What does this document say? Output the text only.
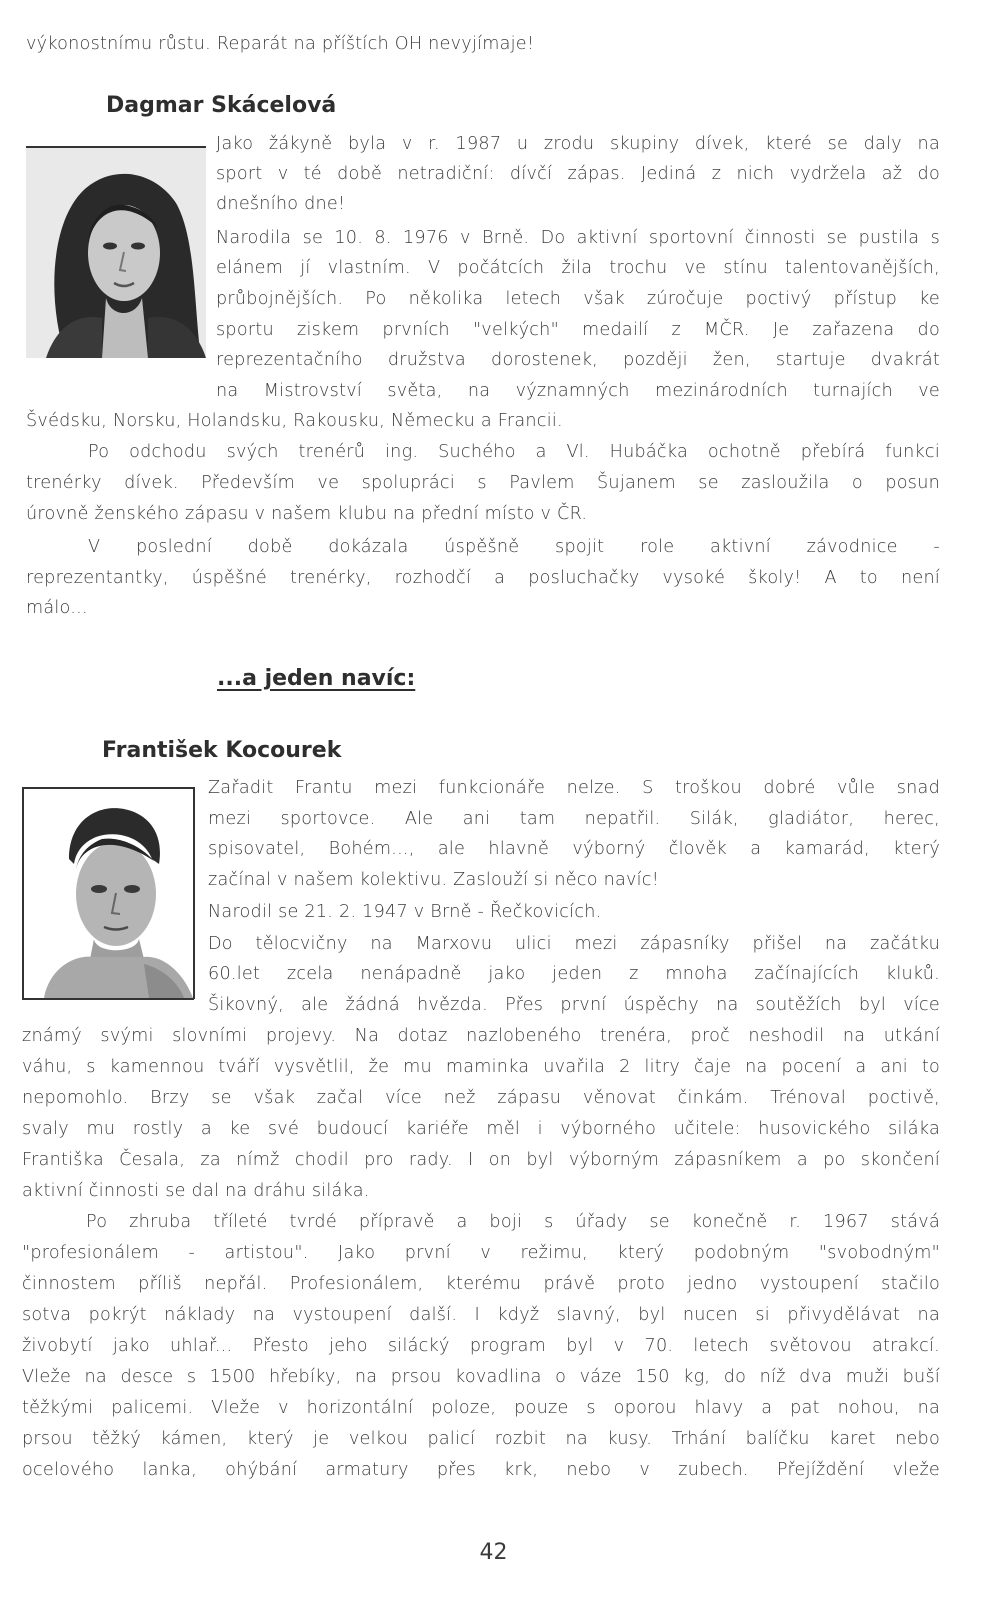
výkonostnímu růstu. Reparát na příštích OH nevyjímaje!
Dagmar Skácelová
Jako žákyně byla v r. 1987 u zrodu skupiny dívek, které se daly na
sport v té době netradiční: dívčí zápas. Jediná z nich vydržela až do
dnešního dne!
Narodila se 10. 8. 1976 v Brně. Do aktivní sportovní činnosti se pustila s
elánem jí vlastním. V počátcích žila trochu ve stínu talentovanějších,
průbojnějších. Po několika letech však zúročuje poctivý přístup ke
sportu ziskem prvních "velkých" medailí z MČR. Je zařazena do
reprezentačního družstva dorostenek, později žen, startuje dvakrát
na Mistrovství světa, na významných mezinárodních turnajích ve
Švédsku, Norsku, Holandsku, Rakousku, Německu a Francii.
Po odchodu svých trenérů ing. Suchého a Vl. Hubáčka ochotně přebírá funkci
trenérky dívek. Především ve spolupráci s Pavlem Šujanem se zasloužila o posun
úrovně ženského zápasu v našem klubu na přední místo v ČR.
V poslední době dokázala úspěšně spojit role aktivní závodnice -
reprezentantky, úspěšné trenérky, rozhodčí a posluchačky vysoké školy! A to není
málo...
...a jeden navíc:
František Kocourek
Zařadit Frantu mezi funkcionáře nelze. S troškou dobré vůle snad
mezi sportovce. Ale ani tam nepatřil. Silák, gladiátor, herec,
spisovatel, Bohém..., ale hlavně výborný člověk a kamarád, který
začínal v našem kolektivu. Zaslouží si něco navíc!
Narodil se 21. 2. 1947 v Brně - Řečkovicích.
Do tělocvičny na Marxovu ulici mezi zápasníky přišel na začátku
60.let zcela nenápadně jako jeden z mnoha začínajících kluků.
Šikovný, ale žádná hvězda. Přes první úspěchy na soutěžích byl více
známý svými slovními projevy. Na dotaz nazlobeného trenéra, proč neshodil na utkání
váhu, s kamennou tváří vysvětlil, že mu maminka uvařila 2 litry čaje na pocení a ani to
nepomohlo. Brzy se však začal více než zápasu věnovat činkám. Trénoval poctivě,
svaly mu rostly a ke své budoucí kariéře měl i výborného učitele: husovického siláka
Františka Česala, za nímž chodil pro rady. I on byl výborným zápasníkem a po skončení
aktivní činnosti se dal na dráhu siláka.
Po zhruba tříleté tvrdé přípravě a boji s úřady se konečně r. 1967 stává
"profesionálem - artistou". Jako první v režimu, který podobným "svobodným"
činnostem příliš nepřál. Profesionálem, kterému právě proto jedno vystoupení stačilo
sotva pokrýt náklady na vystoupení další. I když slavný, byl nucen si přivydělávat na
živobytí jako uhlař... Přesto jeho silácký program byl v 70. letech světovou atrakcí.
Vleže na desce s 1500 hřebíky, na prsou kovadlina o váze 150 kg, do níž dva muži buší
těžkými palicemi. Vleže v horizontální poloze, pouze s oporou hlavy a pat nohou, na
prsou těžký kámen, který je velkou palicí rozbit na kusy. Trhání balíčku karet nebo
ocelového lanka, ohýbání armatury přes krk, nebo v zubech. Přejíždění vleže
42
